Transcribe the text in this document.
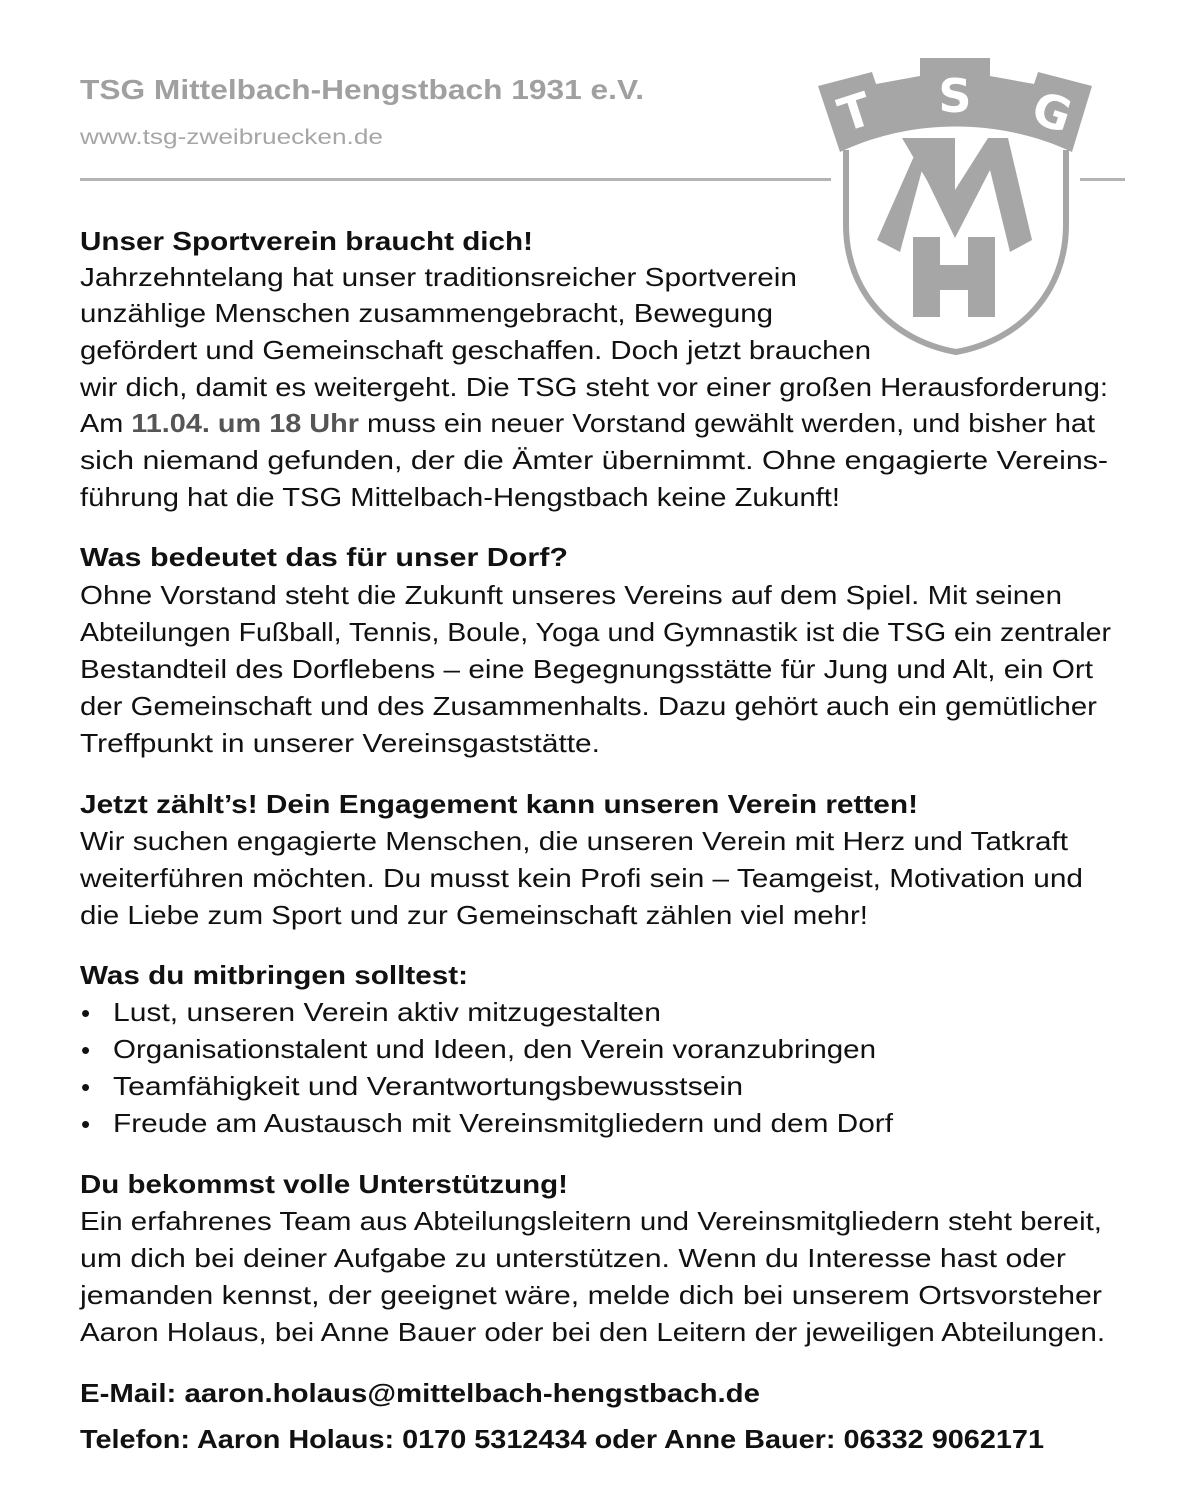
TSG Mittelbach-Hengstbach 1931 e.V.
www.tsg-zweibruecken.de	T S G
Unser Sportverein braucht dich!
Jahrzehntelang hat unser traditionsreicher Sportverein
unzählige Menschen zusammengebracht, Bewegung
gefördert und Gemeinschaft geschaffen. Doch jetzt brauchen
wir dich, damit es weitergeht. Die TSG steht vor einer großen Herausforderung:
Am 11.04. um 18 Uhr muss ein neuer Vorstand gewählt werden, und bisher hat
sich niemand gefunden, der die Ämter übernimmt. Ohne engagierte Vereins-
führung hat die TSG Mittelbach-Hengstbach keine Zukunft!
Was bedeutet das für unser Dorf?
Ohne Vorstand steht die Zukunft unseres Vereins auf dem Spiel. Mit seinen
Abteilungen Fußball, Tennis, Boule, Yoga und Gymnastik ist die TSG ein zentraler
Bestandteil des Dorflebens – eine Begegnungsstätte für Jung und Alt, ein Ort
der Gemeinschaft und des Zusammenhalts. Dazu gehört auch ein gemütlicher
Treffpunkt in unserer Vereinsgaststätte.
Jetzt zählt’s! Dein Engagement kann unseren Verein retten!
Wir suchen engagierte Menschen, die unseren Verein mit Herz und Tatkraft
weiterführen möchten. Du musst kein Profi sein – Teamgeist, Motivation und
die Liebe zum Sport und zur Gemeinschaft zählen viel mehr!
Was du mitbringen solltest:
• Lust, unseren Verein aktiv mitzugestalten
• Organisationstalent und Ideen, den Verein voranzubringen
• Teamfähigkeit und Verantwortungsbewusstsein
• Freude am Austausch mit Vereinsmitgliedern und dem Dorf
Du bekommst volle Unterstützung!
Ein erfahrenes Team aus Abteilungsleitern und Vereinsmitgliedern steht bereit,
um dich bei deiner Aufgabe zu unterstützen. Wenn du Interesse hast oder
jemanden kennst, der geeignet wäre, melde dich bei unserem Ortsvorsteher
Aaron Holaus, bei Anne Bauer oder bei den Leitern der jeweiligen Abteilungen.
E-Mail: aaron.holaus@mittelbach-hengstbach.de
Telefon: Aaron Holaus: 0170 5312434 oder Anne Bauer: 06332 9062171
